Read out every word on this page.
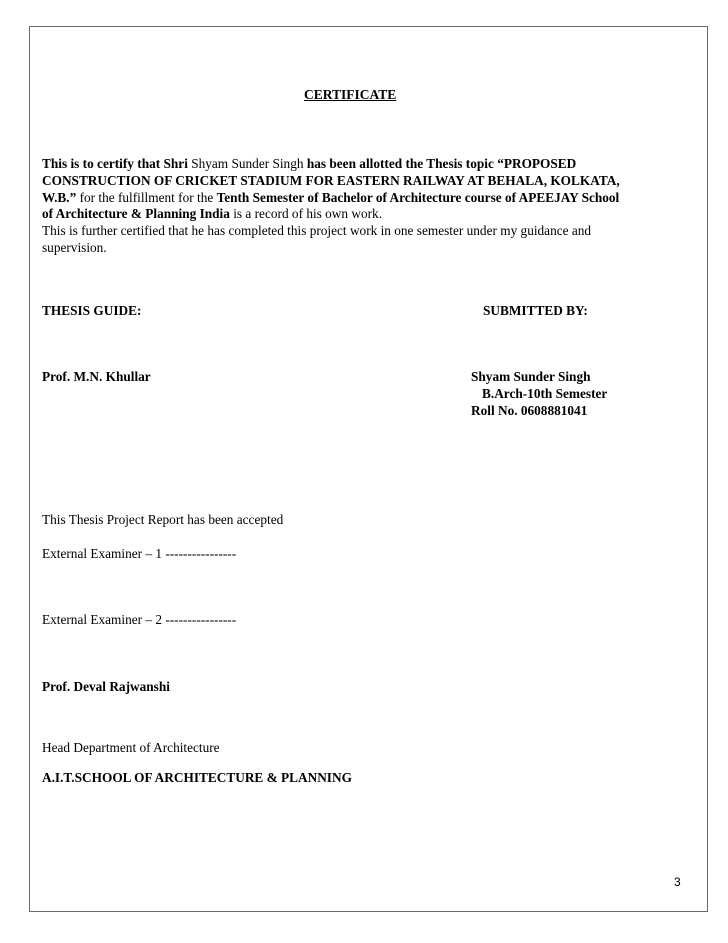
CERTIFICATE
This is to certify that Shri Shyam Sunder Singh has been allotted the Thesis topic “PROPOSED
CONSTRUCTION OF CRICKET STADIUM FOR EASTERN RAILWAY AT BEHALA, KOLKATA,
W.B.” for the fulfillment for the Tenth Semester of Bachelor of Architecture course of APEEJAY School
of Architecture & Planning India is a record of his own work.
This is further certified that he has completed this project work in one semester under my guidance and
supervision.
THESIS GUIDE:	SUBMITTED BY:
Prof. M.N. Khullar	Shyam Sunder Singh
B.Arch-10th Semester
Roll No. 0608881041
This Thesis Project Report has been accepted
External Examiner – 1 ----------------
External Examiner – 2 ----------------
Prof. Deval Rajwanshi
Head Department of Architecture
A.I.T.SCHOOL OF ARCHITECTURE & PLANNING
3
